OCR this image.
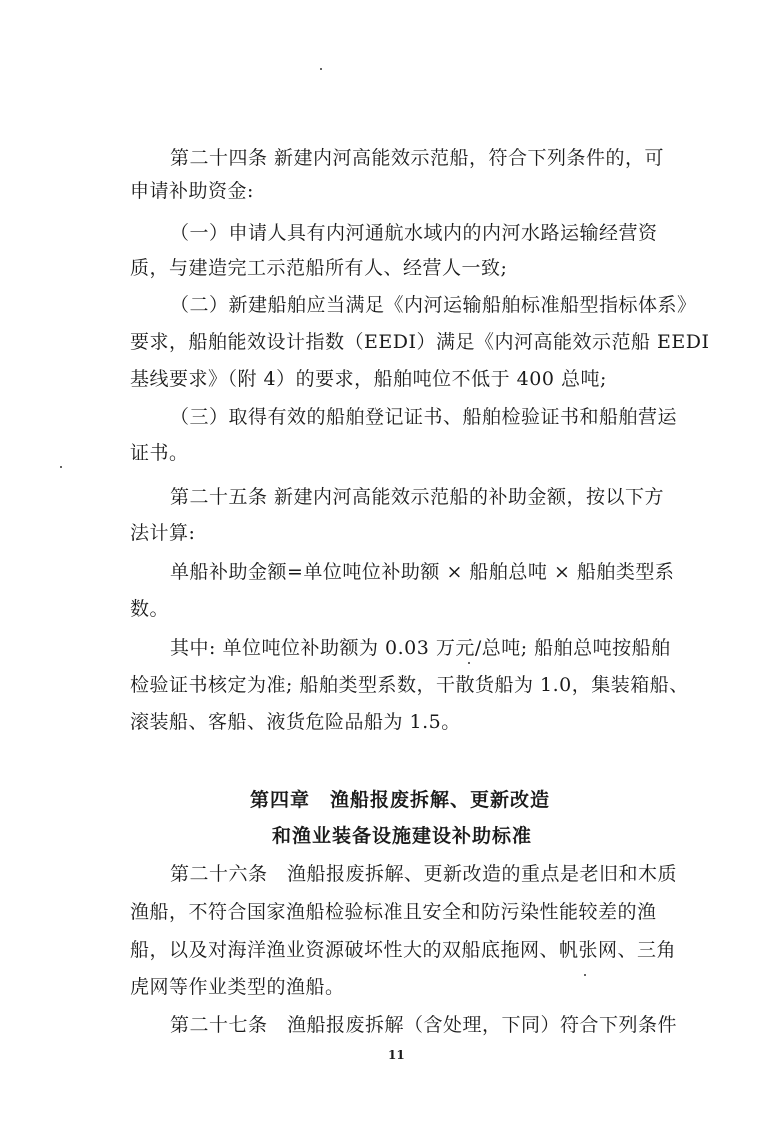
第二十四条 新建内河高能效示范船，符合下列条件的，可
申请补助资金:
（一）申请人具有内河通航水域内的内河水路运输经营资
质，与建造完工示范船所有人、经营人一致;
（二）新建船舶应当满足《内河运输船舶标准船型指标体系》
要求，船舶能效设计指数（EEDI）满足《内河高能效示范船 EEDI
基线要求》（附 4）的要求，船舶吨位不低于 400 总吨;
（三）取得有效的船舶登记证书、船舶检验证书和船舶营运
证书。
第二十五条 新建内河高能效示范船的补助金额，按以下方
法计算:
单船补助金额=单位吨位补助额 × 船舶总吨 × 船舶类型系
数。
其中: 单位吨位补助额为 0.03 万元/总吨; 船舶总吨按船舶
检验证书核定为准; 船舶类型系数，干散货船为 1.0，集装箱船、
滚装船、客船、液货危险品船为 1.5。
第四章　渔船报废拆解、更新改造
和渔业装备设施建设补助标准
第二十六条　渔船报废拆解、更新改造的重点是老旧和木质
渔船，不符合国家渔船检验标准且安全和防污染性能较差的渔
船，以及对海洋渔业资源破坏性大的双船底拖网、帆张网、三角
虎网等作业类型的渔船。
第二十七条　渔船报废拆解（含处理，下同）符合下列条件
11
